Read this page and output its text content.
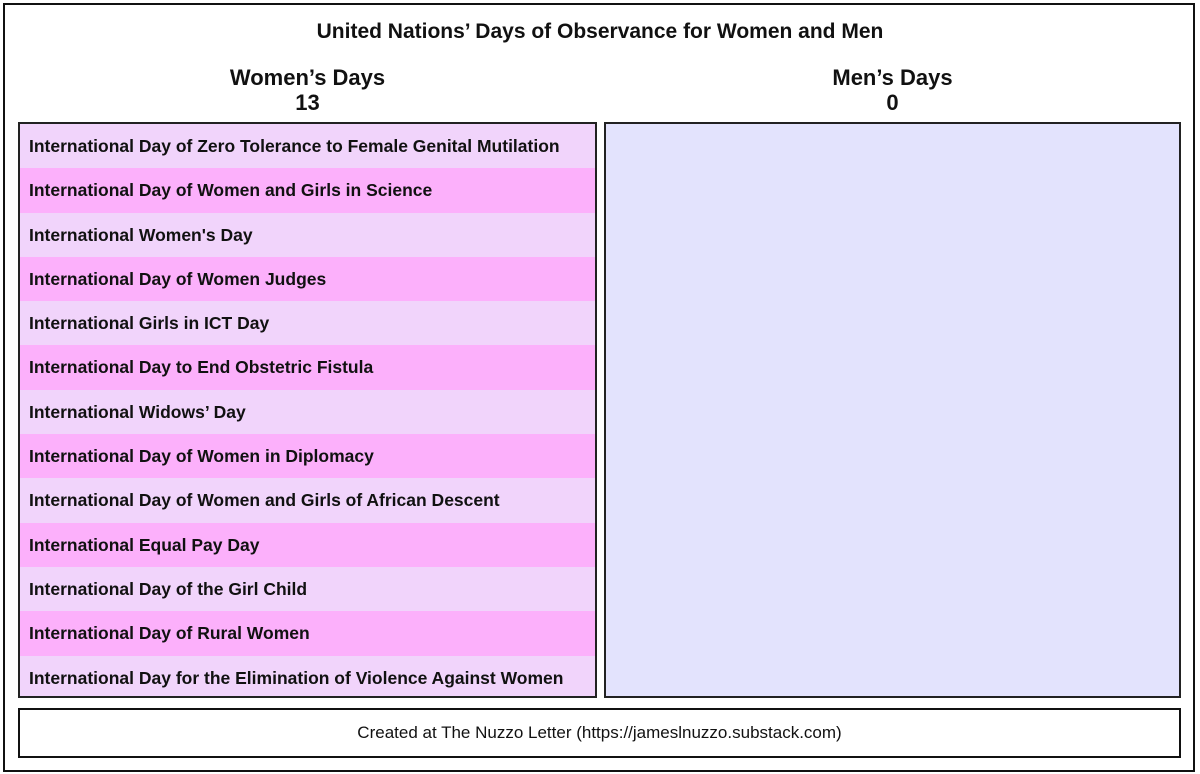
United Nations’ Days of Observance for Women and Men
Women’s Days
13
Men’s Days
0
International Day of Zero Tolerance to Female Genital Mutilation
International Day of Women and Girls in Science
International Women's Day
International Day of Women Judges
International Girls in ICT Day
International Day to End Obstetric Fistula
International Widows’ Day
International Day of Women in Diplomacy
International Day of Women and Girls of African Descent
International Equal Pay Day
International Day of the Girl Child
International Day of Rural Women
International Day for the Elimination of Violence Against Women
Created at The Nuzzo Letter (https://jameslnuzzo.substack.com)
